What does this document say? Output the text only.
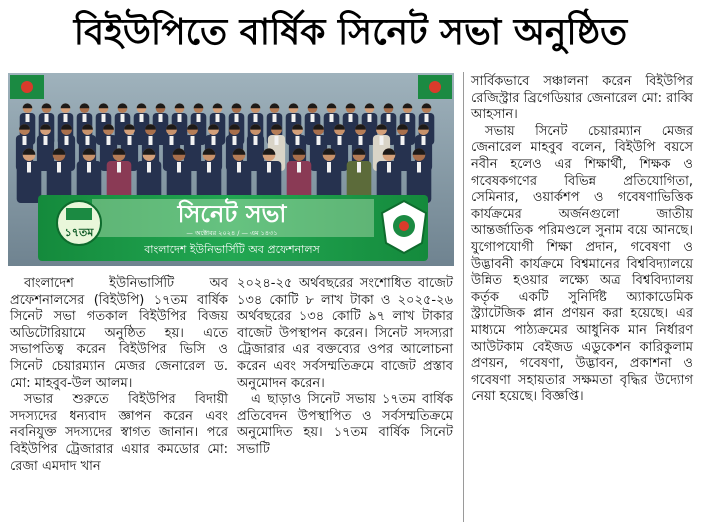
বিইউপিতে বার্ষিক সিনেট সভা অনুষ্ঠিত
১৭তম
সিনেট সভা
— অক্টোবর ২০২৪ / — এম ১৪৩১
বাংলাদেশ ইউনিভার্সিটি অব প্রফেশনালস

বাংলাদেশ ইউনিভার্সিটি অব প্রফেশনালসের (বিইউপি) ১৭তম বার্ষিক সিনেট সভা গতকাল বিইউপির বিজয় অডিটোরিয়ামে অনুষ্ঠিত হয়। এতে সভাপতিত্ব করেন বিইউপির ভিসি ও সিনেট চেয়ারম্যান মেজর জেনারেল ড. মো: মাহবুব-উল আলম।

সভার শুরুতে বিইউপির বিদায়ী সদস্যদের ধন্যবাদ জ্ঞাপন করেন এবং নবনিযুক্ত সদস্যদের স্বাগত জানান। পরে বিইউপির ট্রেজারার এয়ার কমডোর মো: রেজা এমদাদ খান

২০২৪-২৫ অর্থবছরের সংশোধিত বাজেট ১৩৪ কোটি ৮ লাখ টাকা ও ২০২৫-২৬ অর্থবছরের ১৩৪ কোটি ৯৭ লাখ টাকার বাজেট উপস্থাপন করেন। সিনেট সদস্যরা ট্রেজারার এর বক্তব্যের ওপর আলোচনা করেন এবং সর্বসম্মতিক্রমে বাজেট প্রস্তাব অনুমোদন করেন।

এ ছাড়াও সিনেট সভায় ১৭তম বার্ষিক প্রতিবেদন উপস্থাপিত ও সর্বসম্মতিক্রমে অনুমোদিত হয়। ১৭তম বার্ষিক সিনেট সভাটি

সার্বিকভাবে সঞ্চালনা করেন বিইউপির রেজিস্ট্রার ব্রিগেডিয়ার জেনারেল মো: রাব্বি আহসান।

সভায় সিনেট চেয়ারম্যান মেজর জেনারেল মাহবুব বলেন, বিইউপি বয়সে নবীন হলেও এর শিক্ষার্থী, শিক্ষক ও গবেষকগণের বিভিন্ন প্রতিযোগিতা, সেমিনার, ওয়ার্কশপ ও গবেষণাভিত্তিক কার্যক্রমের অর্জনগুলো জাতীয় আন্তর্জাতিক পরিমণ্ডলে সুনাম বয়ে আনছে। যুগোপযোগী শিক্ষা প্রদান, গবেষণা ও উদ্ভাবনী কার্যক্রমে বিশ্বমানের বিশ্ববিদ্যালয়ে উন্নিত হওয়ার লক্ষ্যে অত্র বিশ্ববিদ্যালয় কর্তৃক একটি সুনির্দিষ্ট অ্যাকাডেমিক স্ট্র্যাটেজিক প্লান প্রণয়ন করা হয়েছে। এর মাধ্যমে পাঠ্যক্রমের আধুনিক মান নির্ধারণ আউটকাম বেইজড এডুকেশন কারিকুলাম প্রণয়ন, গবেষণা, উদ্ভাবন, প্রকাশনা ও গবেষণা সহায়তার সক্ষমতা বৃদ্ধির উদ্যোগ নেয়া হয়েছে। বিজ্ঞপ্তি।
